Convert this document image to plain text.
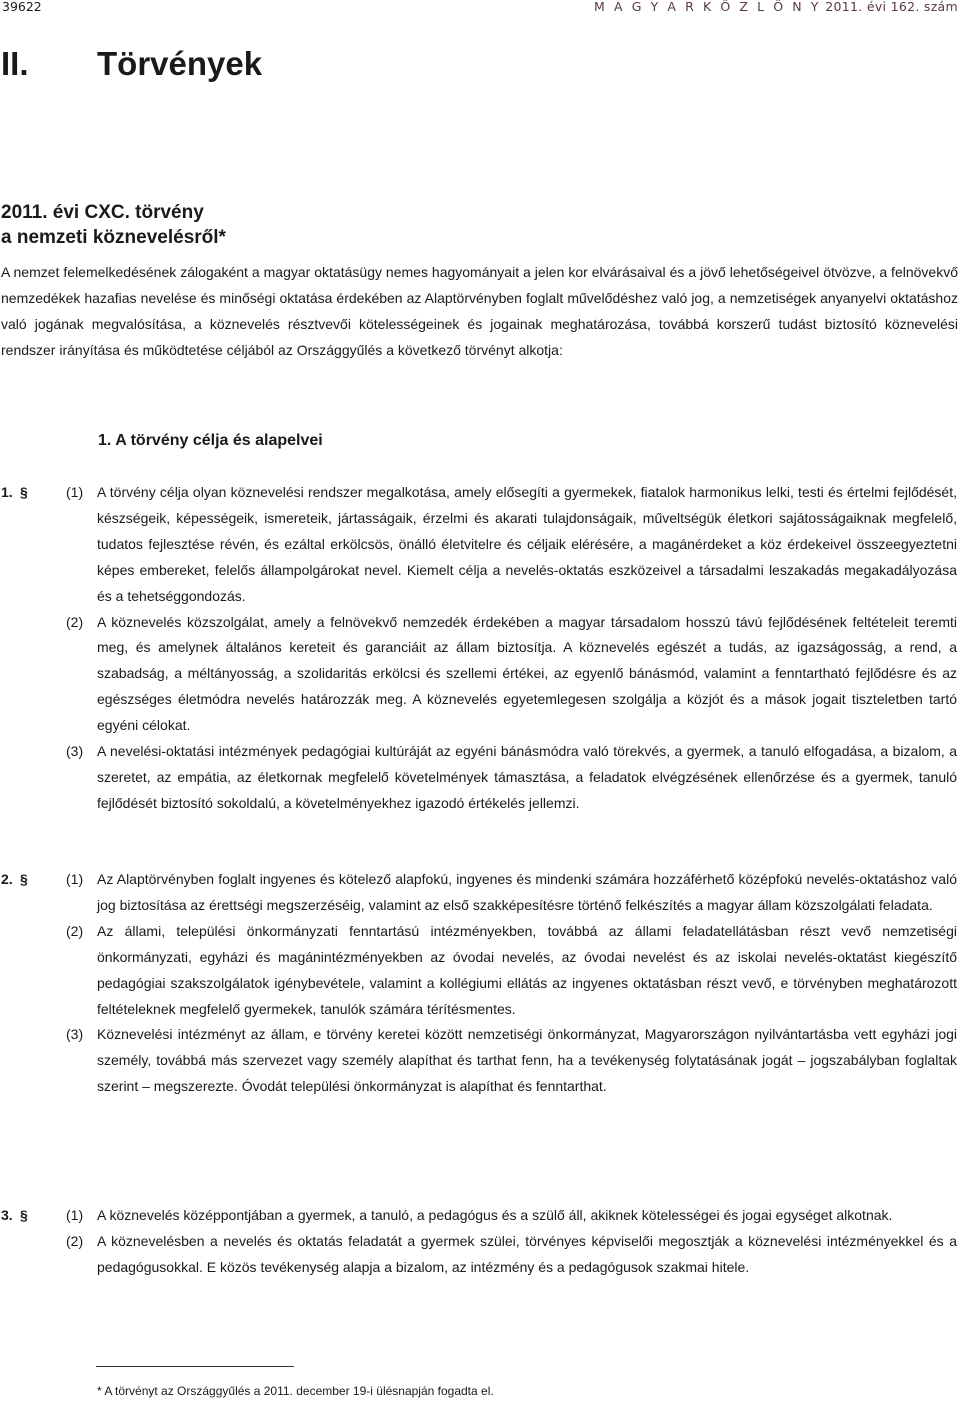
39622	M A G Y A R K Ö Z L Ö N Y 2011. évi 162. szám
II. Törvények
2011. évi CXC. törvény
a nemzeti köznevelésről*
A nemzet felemelkedésének zálogaként a magyar oktatásügy nemes hagyományait a jelen kor elvárásaival és a jövő lehetőségeivel ötvözve, a felnövekvő nemzedékek hazafias nevelése és minőségi oktatása érdekében az Alaptörvényben foglalt művelődéshez való jog, a nemzetiségek anyanyelvi oktatáshoz való jogának megvalósítása, a köznevelés résztvevői kötelességeinek és jogainak meghatározása, továbbá korszerű tudást biztosító köznevelési rendszer irányítása és működtetése céljából az Országgyűlés a következő törvényt alkotja:
1. A törvény célja és alapelvei
1. §	(1) A törvény célja olyan köznevelési rendszer megalkotása, amely elősegíti a gyermekek, fiatalok harmonikus lelki, testi és értelmi fejlődését, készségeik, képességeik, ismereteik, jártasságaik, érzelmi és akarati tulajdonságaik, műveltségük életkori sajátosságaiknak megfelelő, tudatos fejlesztése révén, és ezáltal erkölcsös, önálló életvitelre és céljaik elérésére, a magánérdeket a köz érdekeivel összeegyeztetni képes embereket, felelős állampolgárokat nevel. Kiemelt célja a nevelés-oktatás eszközeivel a társadalmi leszakadás megakadályozása és a tehetséggondozás.
(2) A köznevelés közszolgálat, amely a felnövekvő nemzedék érdekében a magyar társadalom hosszú távú fejlődésének feltételeit teremti meg, és amelynek általános kereteit és garanciáit az állam biztosítja. A köznevelés egészét a tudás, az igazságosság, a rend, a szabadság, a méltányosság, a szolidaritás erkölcsi és szellemi értékei, az egyenlő bánásmód, valamint a fenntartható fejlődésre és az egészséges életmódra nevelés határozzák meg. A köznevelés egyetemlegesen szolgálja a közjót és a mások jogait tiszteletben tartó egyéni célokat.
(3) A nevelési-oktatási intézmények pedagógiai kultúráját az egyéni bánásmódra való törekvés, a gyermek, a tanuló elfogadása, a bizalom, a szeretet, az empátia, az életkornak megfelelő követelmények támasztása, a feladatok elvégzésének ellenőrzése és a gyermek, tanuló fejlődését biztosító sokoldalú, a követelményekhez igazodó értékelés jellemzi.
2. §	(1) Az Alaptörvényben foglalt ingyenes és kötelező alapfokú, ingyenes és mindenki számára hozzáférhető középfokú nevelés-oktatáshoz való jog biztosítása az érettségi megszerzéséig, valamint az első szakképesítésre történő felkészítés a magyar állam közszolgálati feladata.
(2) Az állami, települési önkormányzati fenntartású intézményekben, továbbá az állami feladatellátásban részt vevő nemzetiségi önkormányzati, egyházi és magánintézményekben az óvodai nevelés, az óvodai nevelést és az iskolai nevelés-oktatást kiegészítő pedagógiai szakszolgálatok igénybevétele, valamint a kollégiumi ellátás az ingyenes oktatásban részt vevő, e törvényben meghatározott feltételeknek megfelelő gyermekek, tanulók számára térítésmentes.
(3) Köznevelési intézményt az állam, e törvény keretei között nemzetiségi önkormányzat, Magyarországon nyilvántartásba vett egyházi jogi személy, továbbá más szervezet vagy személy alapíthat és tarthat fenn, ha a tevékenység folytatásának jogát – jogszabályban foglaltak szerint – megszerezte. Óvodát települési önkormányzat is alapíthat és fenntarthat.
3. §	(1) A köznevelés középpontjában a gyermek, a tanuló, a pedagógus és a szülő áll, akiknek kötelességei és jogai egységet alkotnak.
(2) A köznevelésben a nevelés és oktatás feladatát a gyermek szülei, törvényes képviselői megosztják a köznevelési intézményekkel és a pedagógusokkal. E közös tevékenység alapja a bizalom, az intézmény és a pedagógusok szakmai hitele.
* A törvényt az Országgyűlés a 2011. december 19-i ülésnapján fogadta el.
